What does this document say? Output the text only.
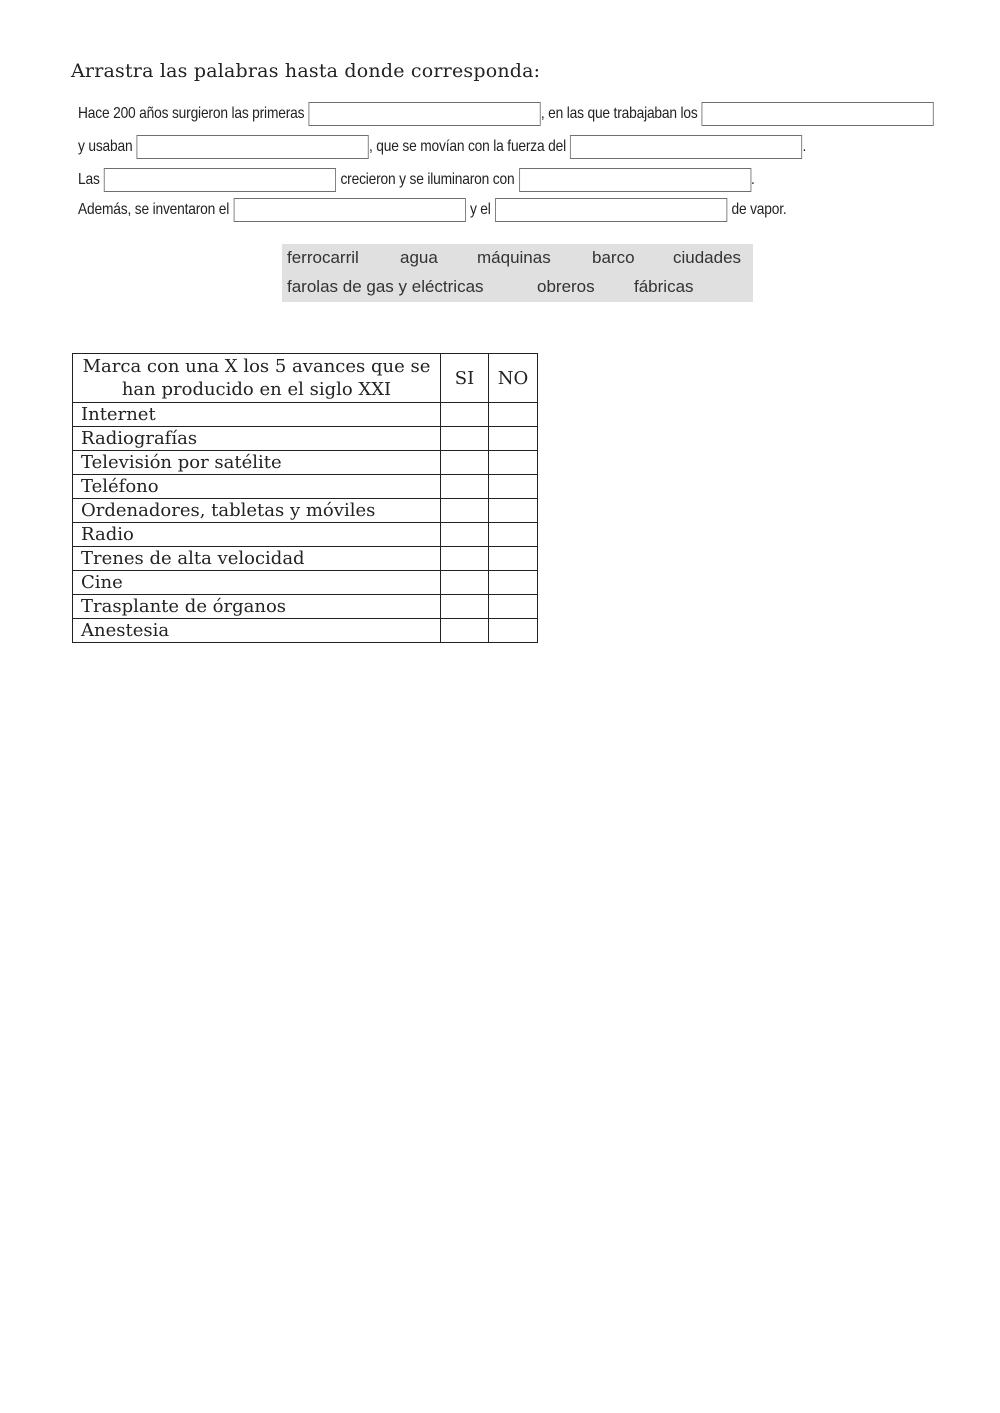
Arrastra las palabras hasta donde corresponda:
Hace 200 años surgieron las primeras	, en las que trabajaban los
y usaban	, que se movían con la fuerza del	.
Las	crecieron y se iluminaron con	.
Además, se inventaron el	y el	de vapor.
ferrocarril agua máquinas barco ciudades
farolas de gas y eléctricas	obreros fábricas
Marca con una X los 5 avances que se han producido en el siglo XXI	SI	NO
Internet		
Radiografías		
Televisión por satélite		
Teléfono		
Ordenadores, tabletas y móviles		
Radio		
Trenes de alta velocidad		
Cine		
Trasplante de órganos		
Anestesia		
